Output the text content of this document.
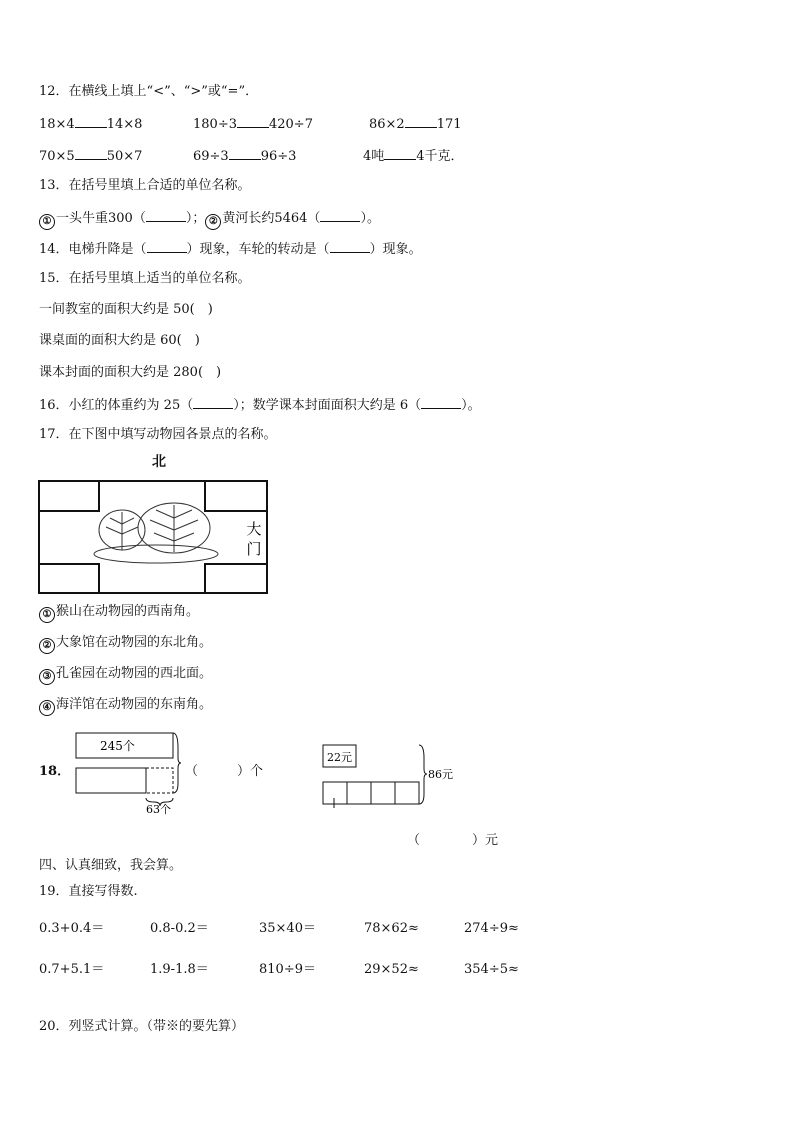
12．在横线上填上“<”、“>”或“=”．
18×4 14×8	180÷3 420÷7	86×2 171
70×5 50×7	69÷3 96÷3	4吨 4千克．
13．在括号里填上合适的单位名称。
① 一头牛重300（	）； ② 黄河长约5464（	）。
14．电梯升降是（	）现象，车轮的转动是（	）现象。
15．在括号里填上适当的单位名称。
一间教室的面积大约是 50(　)
课桌面的面积大约是 60(　)
课本封面的面积大约是 280(　)
16．小红的体重约为 25（	）；数学课本封面面积大约是 6（	）。
17．在下图中填写动物园各景点的名称。
北
大
门
① 猴山在动物园的西南角。
② 大象馆在动物园的东北角。
③ 孔雀园在动物园的西北面。
④ 海洋馆在动物园的东南角。
18．
245个
63个
（　　　）个
22元
86元
（　　　　）元
四、认真细致，我会算。
19．直接写得数.
0.3+0.4＝	0.8-0.2＝	35×40＝	78×62≈	274÷9≈
0.7+5.1＝	1.9-1.8＝	810÷9＝	29×52≈	354÷5≈
20．列竖式计算。（带※的要先算）
